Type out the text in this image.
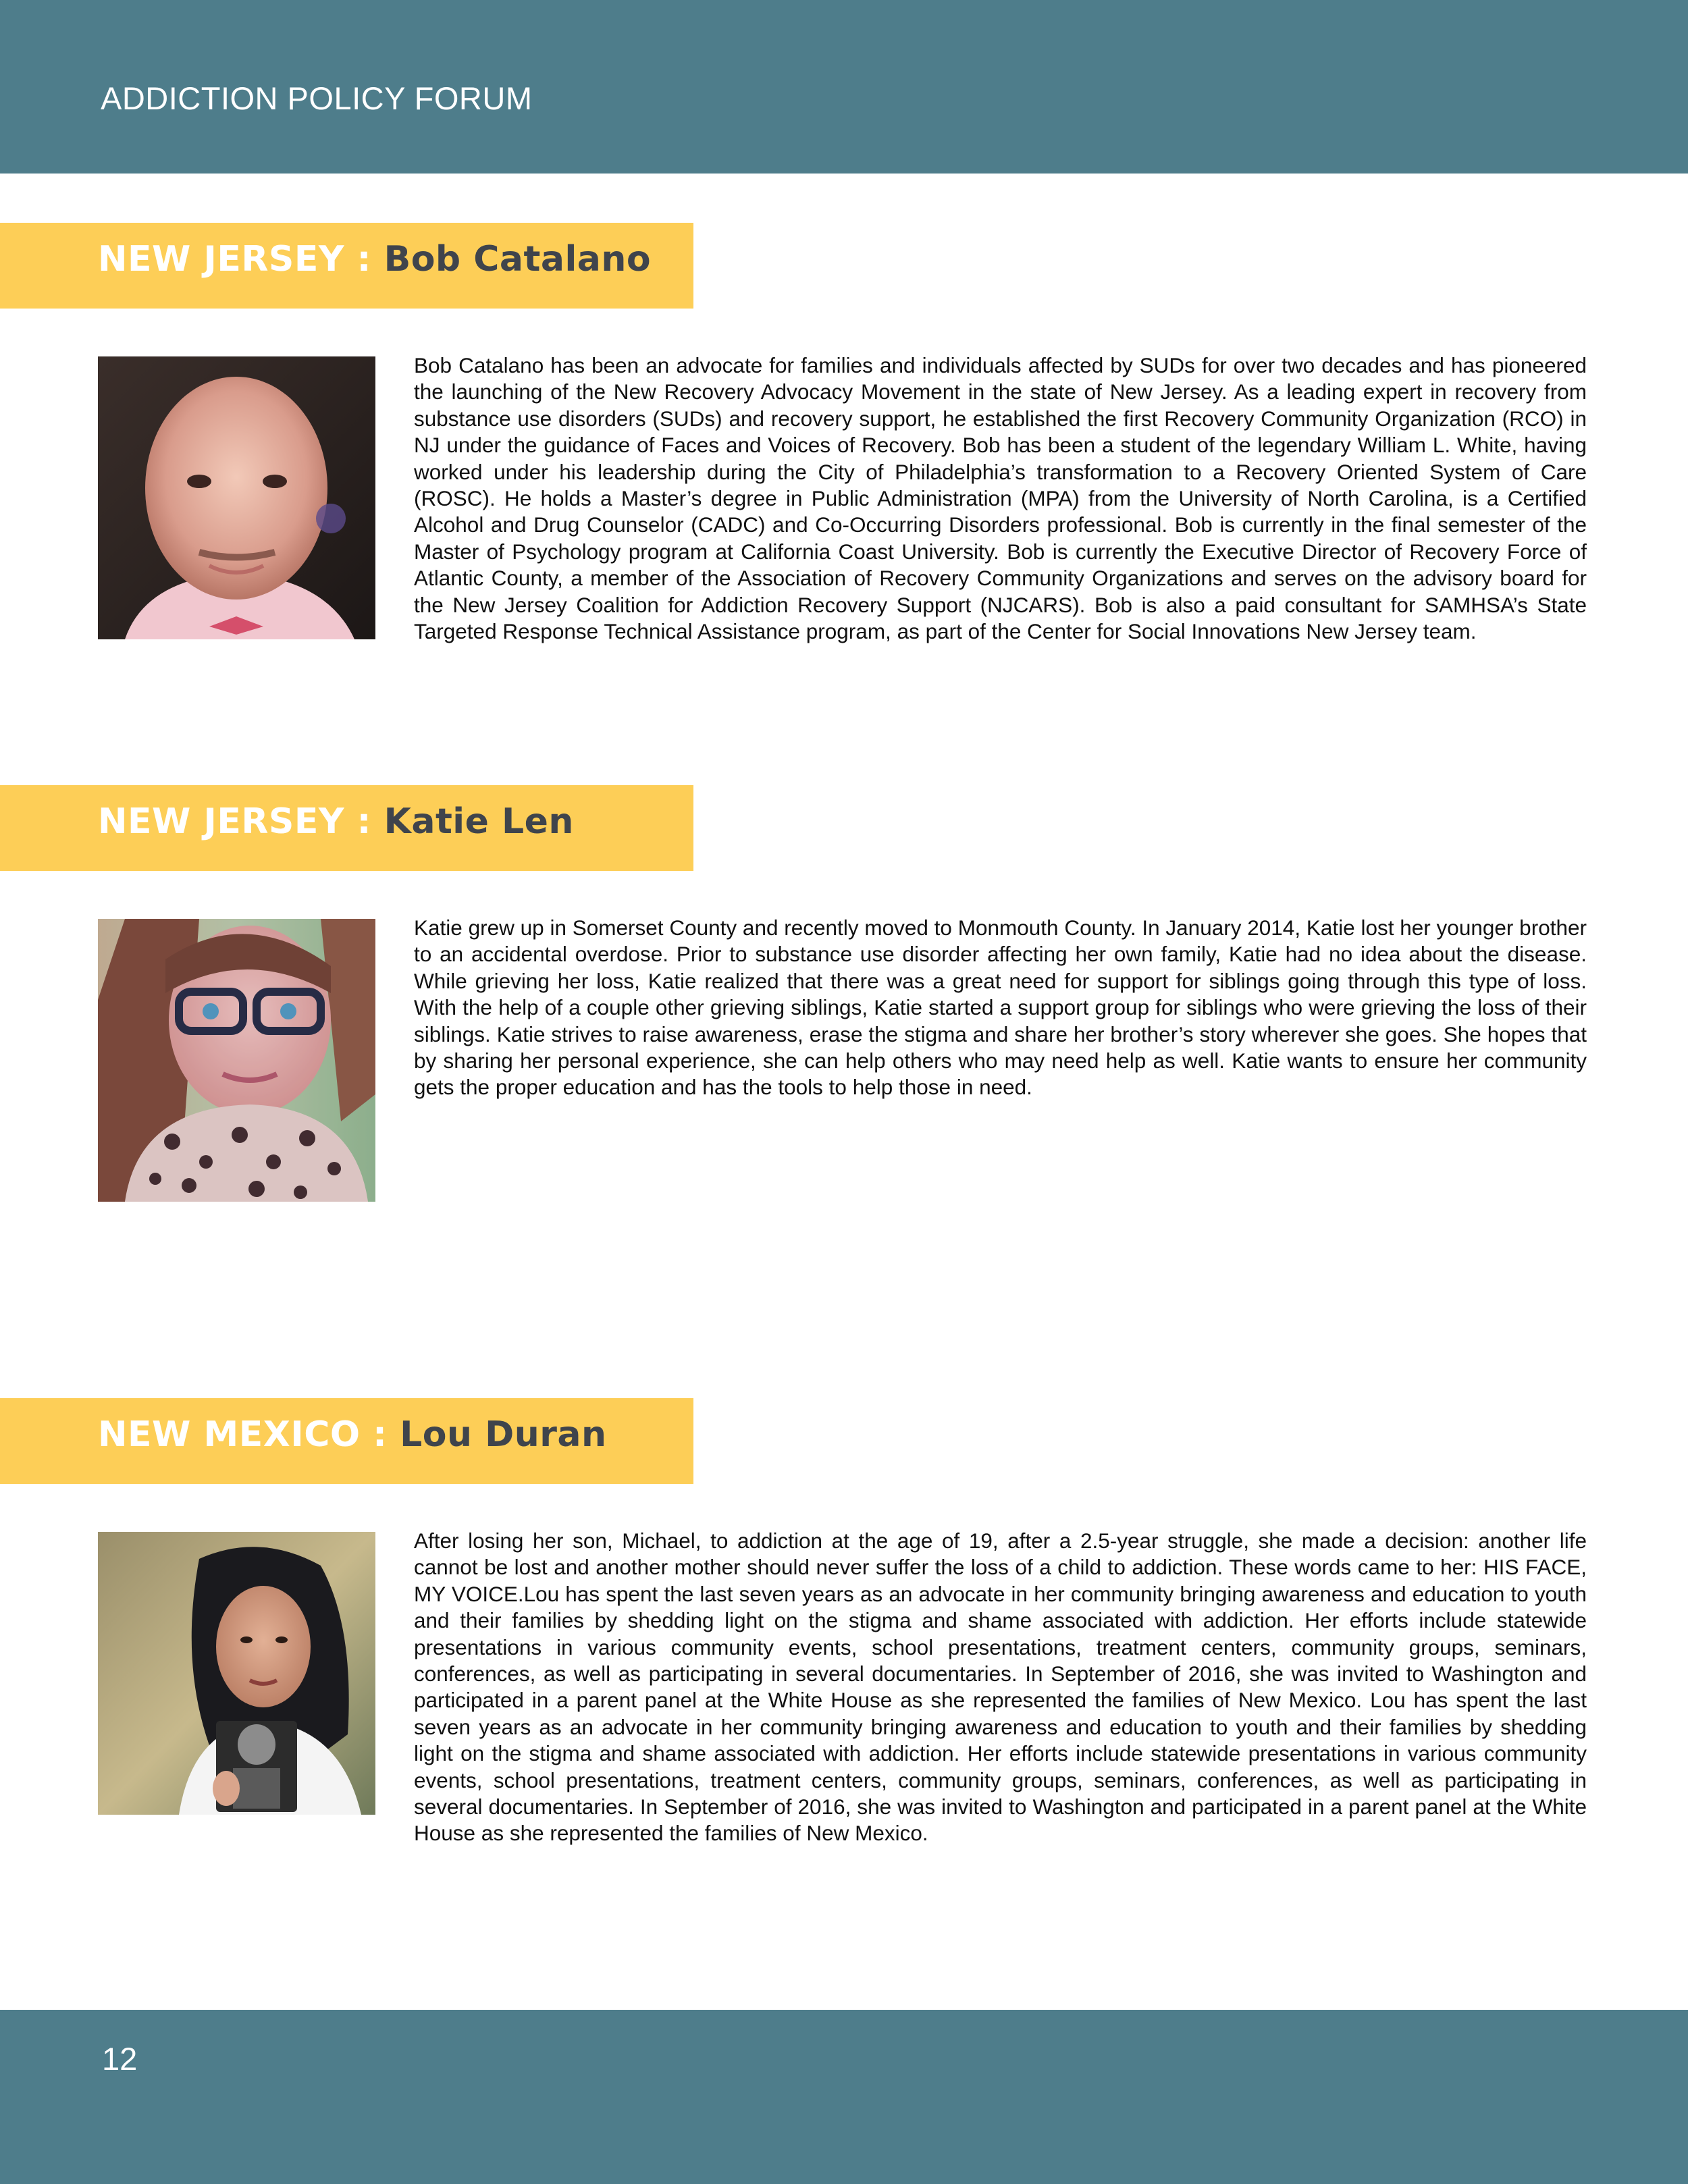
ADDICTION POLICY FORUM
NEW JERSEY : Bob Catalano
Bob Catalano has been an advocate for families and individuals affected by SUDs for over two decades and has pioneered the launching of the New Recovery Advocacy Movement in the state of New Jersey. As a leading expert in recovery from substance use disorders (SUDs) and recovery support, he established the first Recovery Community Organization (RCO) in NJ under the guidance of Faces and Voices of Recovery. Bob has been a student of the legendary William L. White, having worked under his leadership during the City of Philadelphia’s transformation to a Recovery Oriented System of Care (ROSC). He holds a Master’s degree in Public Administration (MPA) from the University of North Carolina, is a Certified Alcohol and Drug Counselor (CADC) and Co-Occurring Disorders professional. Bob is currently in the final semester of the Master of Psychology program at California Coast University. Bob is currently the Executive Director of Recovery Force of Atlantic County, a member of the Association of Recovery Community Organizations and serves on the advisory board for the New Jersey Coalition for Addiction Recovery Support (NJCARS). Bob is also a paid consultant for SAMHSA’s State Targeted Response Technical Assistance program, as part of the Center for Social Innovations New Jersey team.
NEW JERSEY : Katie Len
Katie grew up in Somerset County and recently moved to Monmouth County. In January 2014, Katie lost her younger brother to an accidental overdose. Prior to substance use disorder affecting her own family, Katie had no idea about the disease. While grieving her loss, Katie realized that there was a great need for support for siblings going through this type of loss. With the help of a couple other grieving siblings, Katie started a support group for siblings who were grieving the loss of their siblings. Katie strives to raise awareness, erase the stigma and share her brother’s story wherever she goes. She hopes that by sharing her personal experience, she can help others who may need help as well. Katie wants to ensure her community gets the proper education and has the tools to help those in need.
NEW MEXICO : Lou Duran
After losing her son, Michael, to addiction at the age of 19, after a 2.5-year struggle, she made a decision: another life cannot be lost and another mother should never suffer the loss of a child to addiction. These words came to her: HIS FACE, MY VOICE.Lou has spent the last seven years as an advocate in her community bringing awareness and education to youth and their families by shedding light on the stigma and shame associated with addiction. Her efforts include statewide presentations in various community events, school presentations, treatment centers, community groups, seminars, conferences, as well as participating in several documentaries. In September of 2016, she was invited to Washington and participated in a parent panel at the White House as she represented the families of New Mexico. Lou has spent the last seven years as an advocate in her community bringing awareness and education to youth and their families by shedding light on the stigma and shame associated with addiction. Her efforts include statewide presentations in various community events, school presentations, treatment centers, community groups, seminars, conferences, as well as participating in several documentaries. In September of 2016, she was invited to Washington and participated in a parent panel at the White House as she represented the families of New Mexico.
12
